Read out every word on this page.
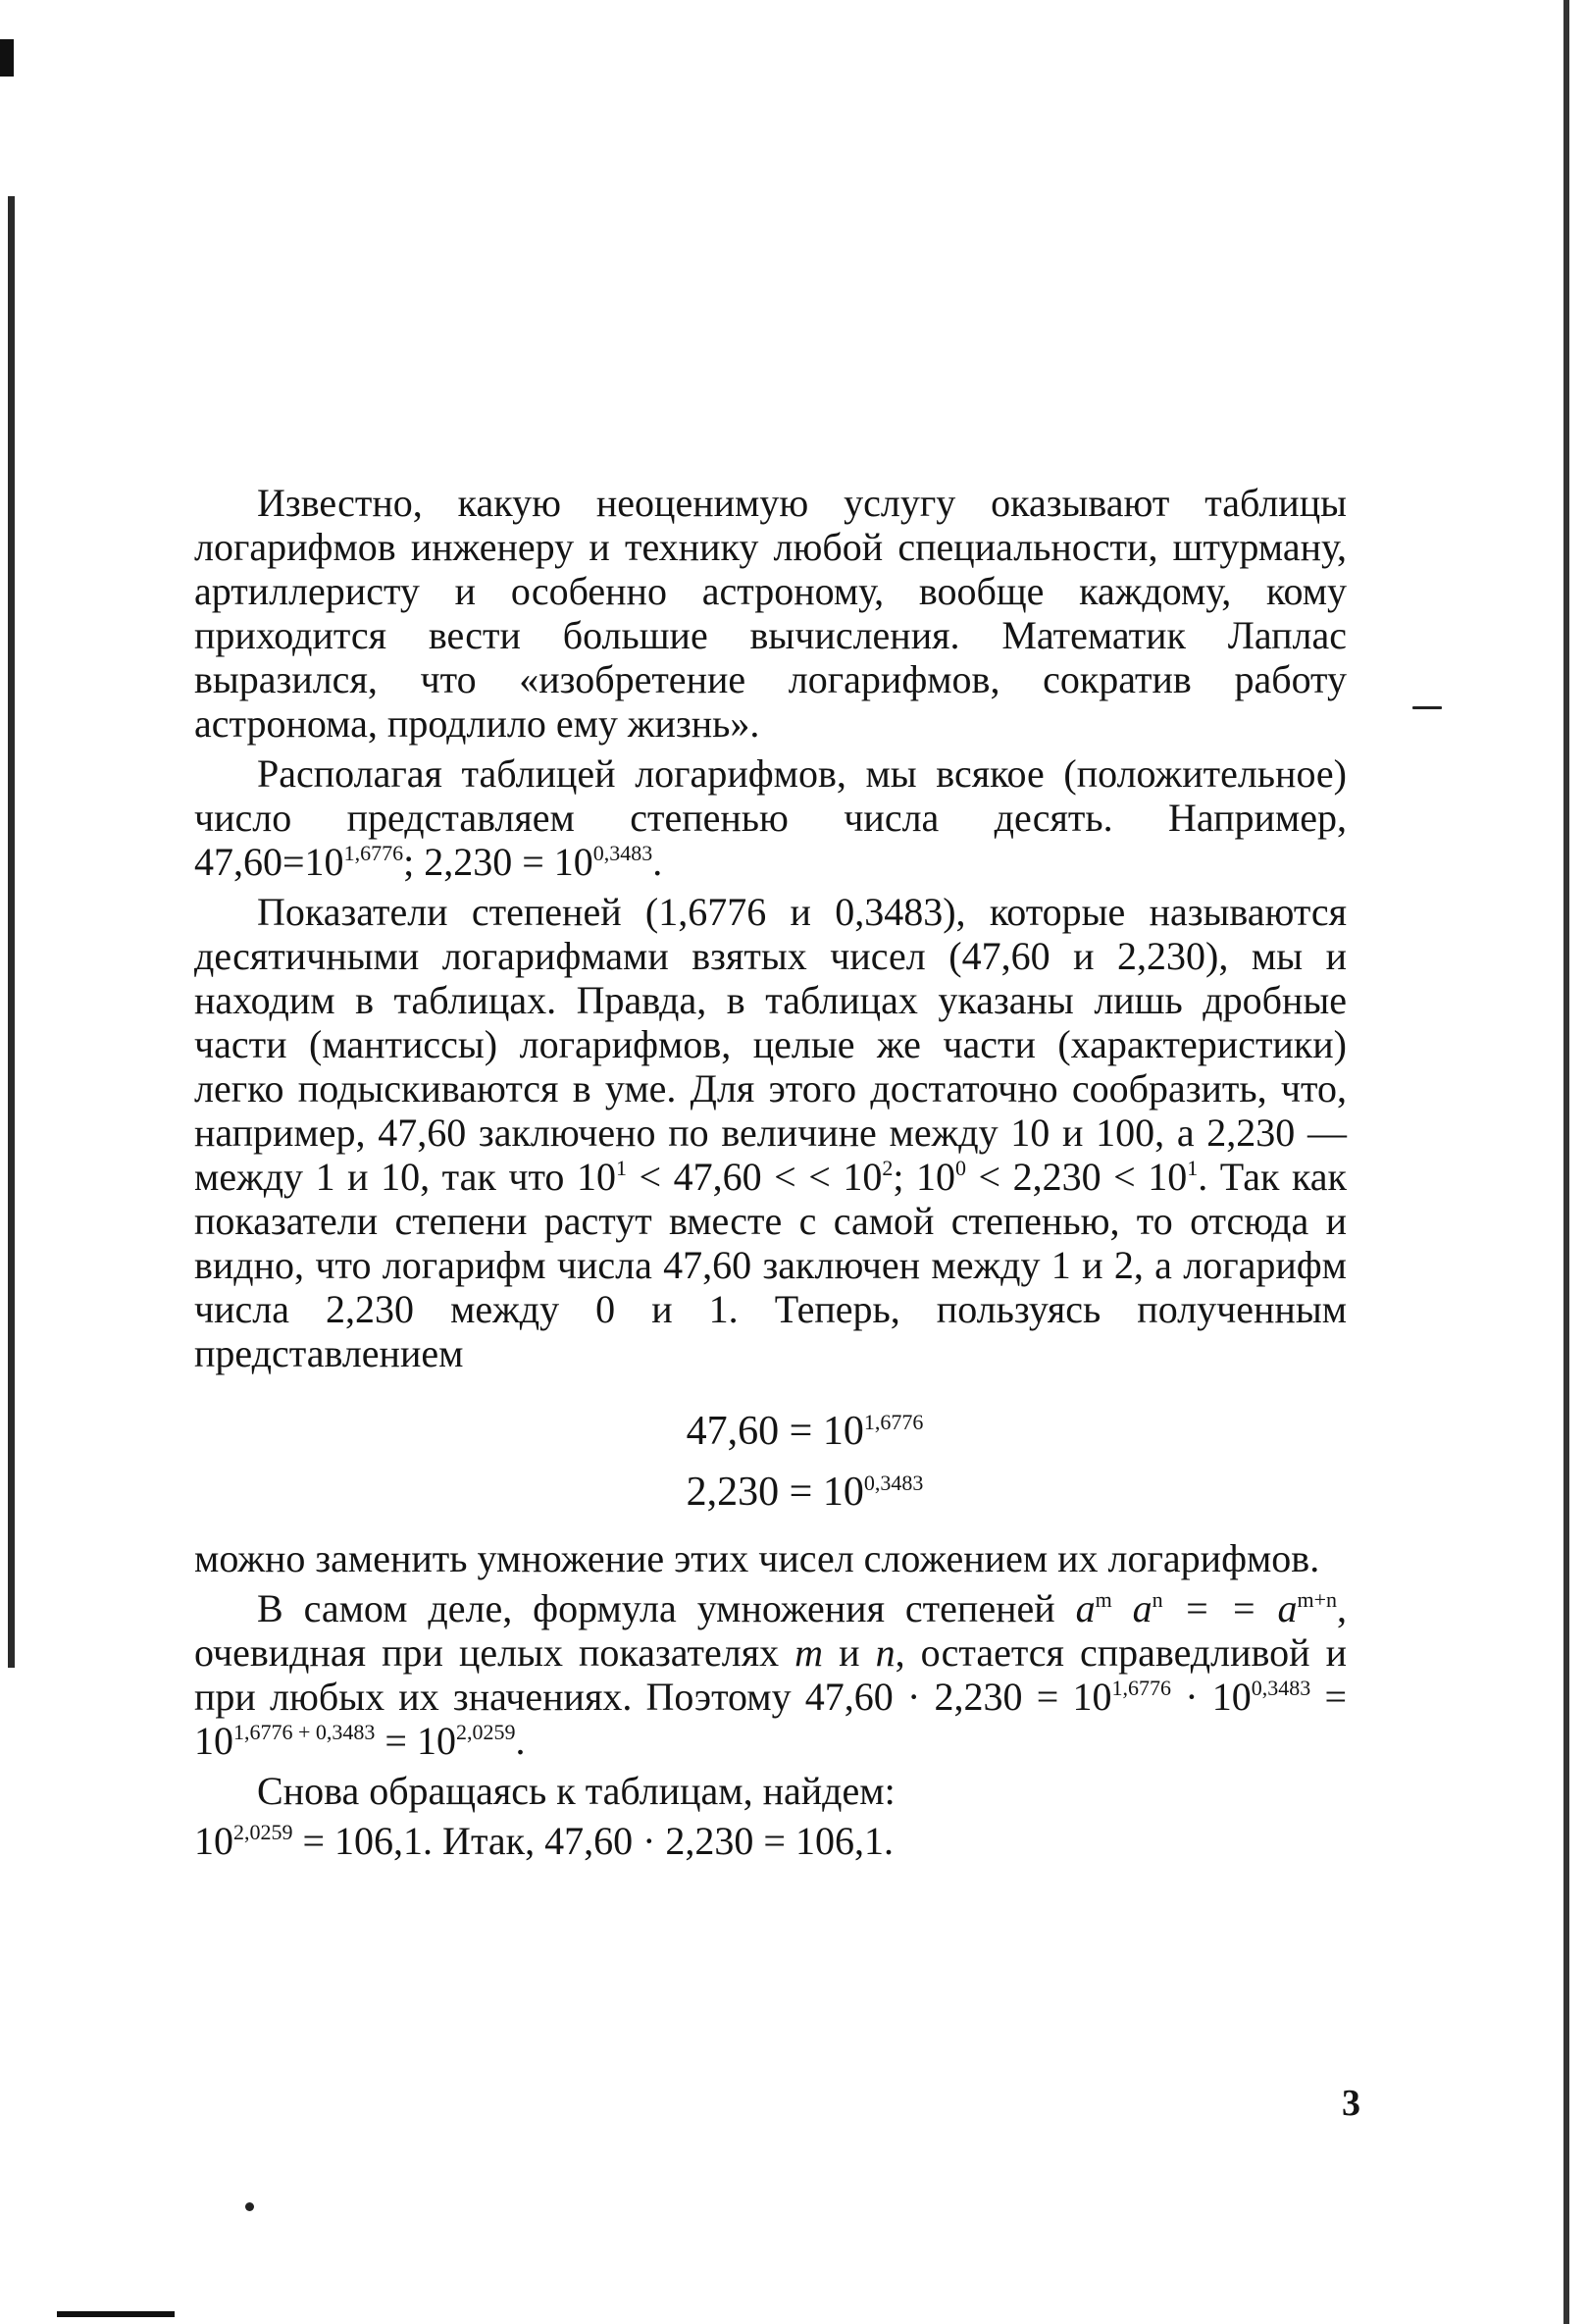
Известно, какую неоценимую услугу оказывают таблицы логарифмов инженеру и технику любой специальности, штурману, артиллеристу и особенно астроному, вообще каждому, кому приходится вести большие вычисления. Математик Лаплас выразился, что «изобретение логарифмов, сократив работу астронома, продлило ему жизнь».

Располагая таблицей логарифмов, мы всякое (положительное) число представляем степенью числа десять. Например, $47,60=10^{1,6776}$; $2,230 = 10^{0,3483}$.

Показатели степеней (1,6776 и 0,3483), которые называются десятичными логарифмами взятых чисел (47,60 и 2,230), мы и находим в таблицах. Правда, в таблицах указаны лишь дробные части (мантиссы) логарифмов, целые же части (характеристики) легко подыскиваются в уме. Для этого достаточно сообразить, что, например, 47,60 заключено по величине между 10 и 100, а 2,230 — между 1 и 10, так что $10^1 < 47,60$ < < $10^2$; $10^0 < 2,230 < 10^1$. Так как показатели степени растут вместе с самой степенью, то отсюда и видно, что логарифм числа 47,60 заключен между 1 и 2, а логарифм числа 2,230 между 0 и 1. Теперь, пользуясь полученным представлением

$47,60 = 10^{1,6776}$
$2,230 = 10^{0,3483}$

можно заменить умножение этих чисел сложением их логарифмов.

В самом деле, формула умножения степеней $a^m$ $a^n$ = = $a^{m+n}$, очевидная при целых показателях m и n, остается справедливой и при любых их значениях. Поэтому $47,60 \cdot 2,230 = 10^{1,6776} \cdot 10^{0,3483} = 10^{1,6776 + 0,3483} = 10^{2,0259}$.

Снова обращаясь к таблицам, найдем:

$10^{2,0259} = 106,1$. Итак, 47,60 · 2,230 = 106,1.

3
